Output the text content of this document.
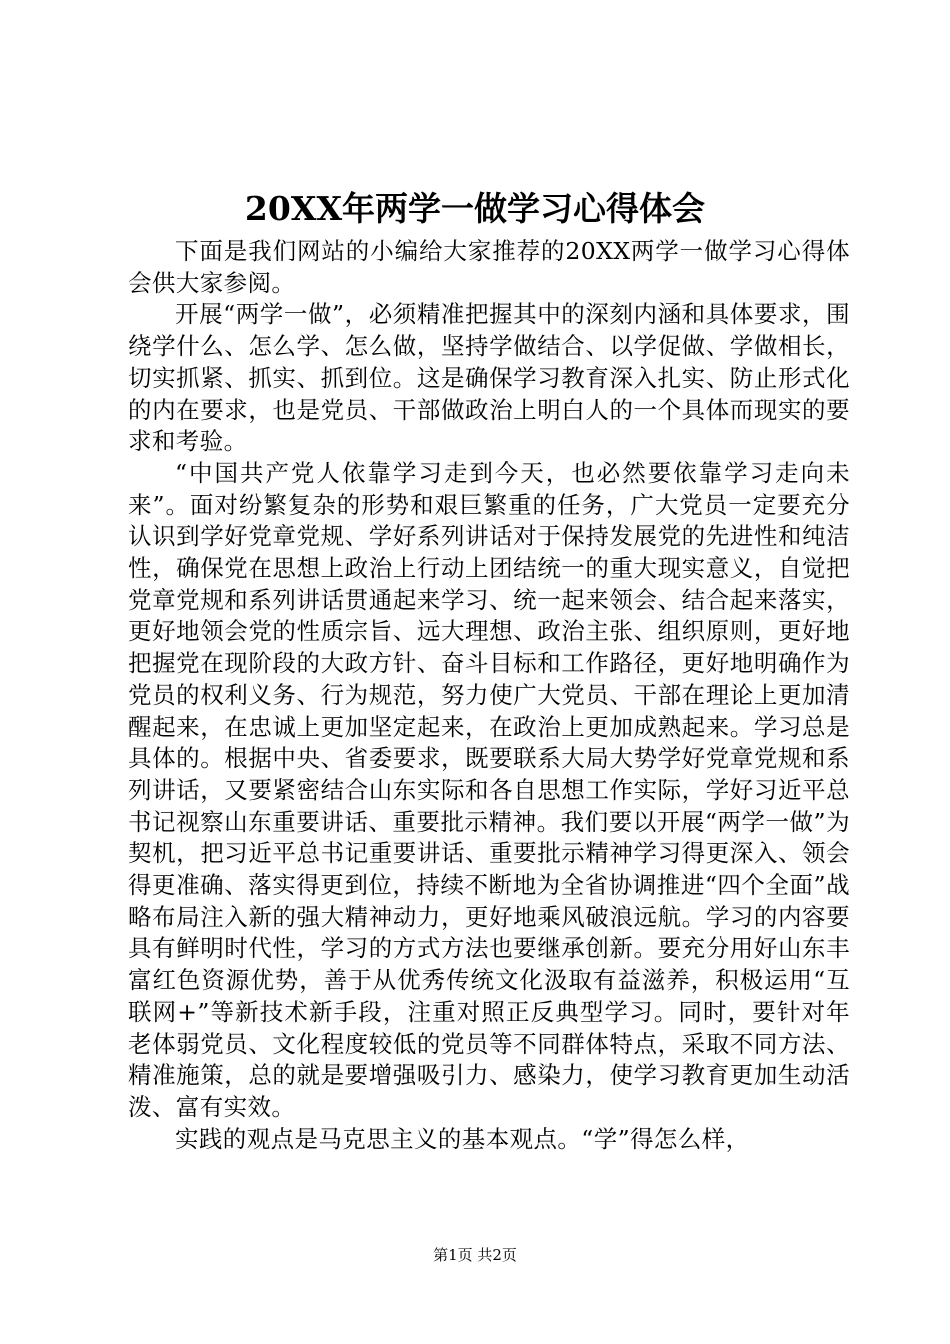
20XX年两学一做学习心得体会

下面是我们网站的小编给大家推荐的20XX两学一做学习心得体会供大家参阅。

开展“两学一做”，必须精准把握其中的深刻内涵和具体要求，围绕学什么、怎么学、怎么做，坚持学做结合、以学促做、学做相长，切实抓紧、抓实、抓到位。这是确保学习教育深入扎实、防止形式化的内在要求，也是党员、干部做政治上明白人的一个具体而现实的要求和考验。

“中国共产党人依靠学习走到今天，也必然要依靠学习走向未来”。面对纷繁复杂的形势和艰巨繁重的任务，广大党员一定要充分认识到学好党章党规、学好系列讲话对于保持发展党的先进性和纯洁性，确保党在思想上政治上行动上团结统一的重大现实意义，自觉把党章党规和系列讲话贯通起来学习、统一起来领会、结合起来落实，更好地领会党的性质宗旨、远大理想、政治主张、组织原则，更好地把握党在现阶段的大政方针、奋斗目标和工作路径，更好地明确作为党员的权利义务、行为规范，努力使广大党员、干部在理论上更加清醒起来，在忠诚上更加坚定起来，在政治上更加成熟起来。学习总是具体的。根据中央、省委要求，既要联系大局大势学好党章党规和系列讲话，又要紧密结合山东实际和各自思想工作实际，学好习近平总书记视察山东重要讲话、重要批示精神。我们要以开展“两学一做”为契机，把习近平总书记重要讲话、重要批示精神学习得更深入、领会得更准确、落实得更到位，持续不断地为全省协调推进“四个全面”战略布局注入新的强大精神动力，更好地乘风破浪远航。学习的内容要具有鲜明时代性，学习的方式方法也要继承创新。要充分用好山东丰富红色资源优势，善于从优秀传统文化汲取有益滋养，积极运用“互联网+”等新技术新手段，注重对照正反典型学习。同时，要针对年老体弱党员、文化程度较低的党员等不同群体特点，采取不同方法、精准施策，总的就是要增强吸引力、感染力，使学习教育更加生动活泼、富有实效。

实践的观点是马克思主义的基本观点。“学”得怎么样，

第1页 共2页
